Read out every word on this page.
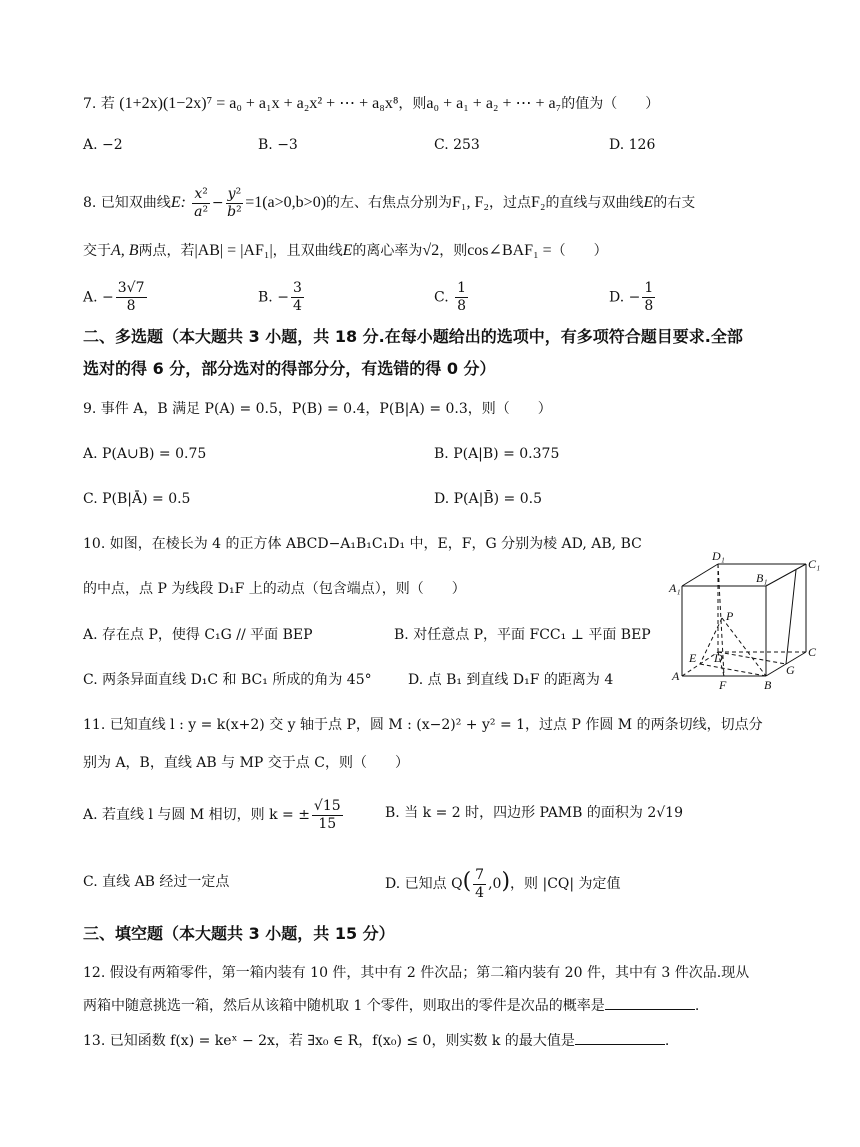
7. 若 (1+2x)(1−2x)⁷ = a₀ + a₁x + a₂x² + ⋯ + a₈x⁸，则a₀ + a₁ + a₂ + ⋯ + a₇的值为（　　）
A. −2	B. −3	C. 253	D. 126
8. 已知双曲线E: $\frac{\text{x²}}{\text{a²}} - \frac{\text{y²}}{\text{b²}} =1(a>0,b>0)$的左、右焦点分别为F₁, F₂，过点F₂的直线与双曲线E的右支
交于A, B两点，若|AB| = |AF₁|，且双曲线E的离心率为√2，则cos∠BAF₁ =（　　）
A. − $\frac{3√7}{8}$	B. − $\frac{3}{4}$	C. $\frac{1}{8}$	D. − $\frac{1}{8}$
二、多选题（本大题共 3 小题，共 18 分.在每小题给出的选项中，有多项符合题目要求.全部
选对的得 6 分，部分选对的得部分分，有选错的得 0 分）
9. 事件 A，B 满足 P(A) = 0.5，P(B) = 0.4，P(B|A) = 0.3，则（　　）
A. P(A∪B) = 0.75	B. P(A|B) = 0.375
C. P(B|Ā) = 0.5	D. P(A|B̄) = 0.5
10. 如图，在棱长为 4 的正方体 ABCD−A₁B₁C₁D₁ 中，E，F，G 分别为棱 AD, AB, BC
的中点，点 P 为线段 D₁F 上的动点（包含端点），则（　　）
A. 存在点 P，使得 C₁G // 平面 BEP	B. 对任意点 P，平面 FCC₁ ⊥ 平面 BEP
C. 两条异面直线 D₁C 和 BC₁ 所成的角为 45°	D. 点 B₁ 到直线 D₁F 的距离为 4
D₁
C₁
A₁
B₁
P
E D	C
A
F	B
G
11. 已知直线 l : y = k(x+2) 交 y 轴于点 P，圆 M : (x−2)² + y² = 1，过点 P 作圆 M 的两条切线，切点分
别为 A，B，直线 AB 与 MP 交于点 C，则（　　）
A. 若直线 l 与圆 M 相切，则 k = ± $\frac{√15}{15}$	B. 当 k = 2 时，四边形 PAMB 的面积为 2√19
C. 直线 AB 经过一定点	D. 已知点 $Q( \frac{7}{4} ,0)$，则 |CQ| 为定值
三、填空题（本大题共 3 小题，共 15 分）
12. 假设有两箱零件，第一箱内装有 10 件，其中有 2 件次品；第二箱内装有 20 件，其中有 3 件次品.现从
两箱中随意挑选一箱，然后从该箱中随机取 1 个零件，则取出的零件是次品的概率是	.
13. 已知函数 f(x) = keˣ − 2x，若 ∃x₀ ∈ R，f(x₀) ≤ 0，则实数 k 的最大值是	.
